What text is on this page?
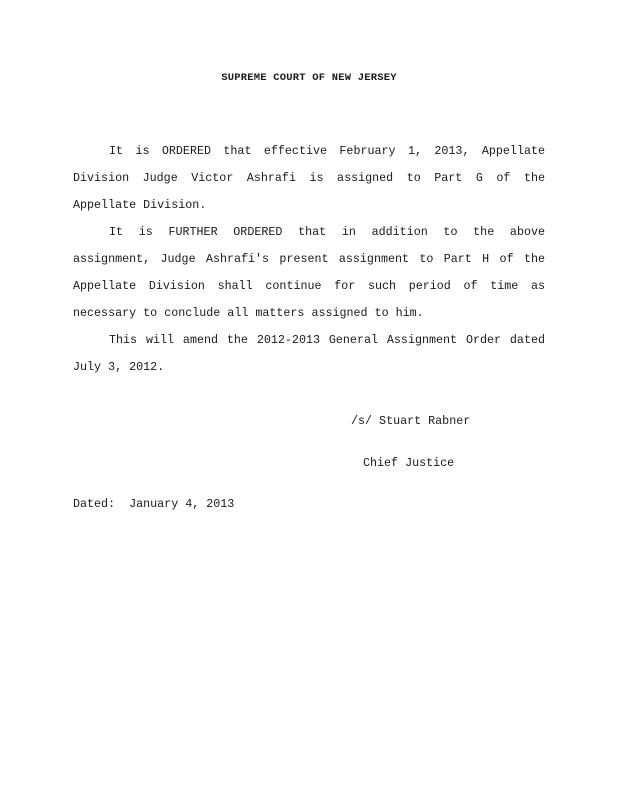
SUPREME COURT OF NEW JERSEY

It is ORDERED that effective February 1, 2013, Appellate Division Judge Victor Ashrafi is assigned to Part G of the Appellate Division.

It is FURTHER ORDERED that in addition to the above assignment, Judge Ashrafi's present assignment to Part H of the Appellate Division shall continue for such period of time as necessary to conclude all matters assigned to him.

This will amend the 2012-2013 General Assignment Order dated July 3, 2012.

/s/ Stuart Rabner
Chief Justice
Dated:  January 4, 2013
